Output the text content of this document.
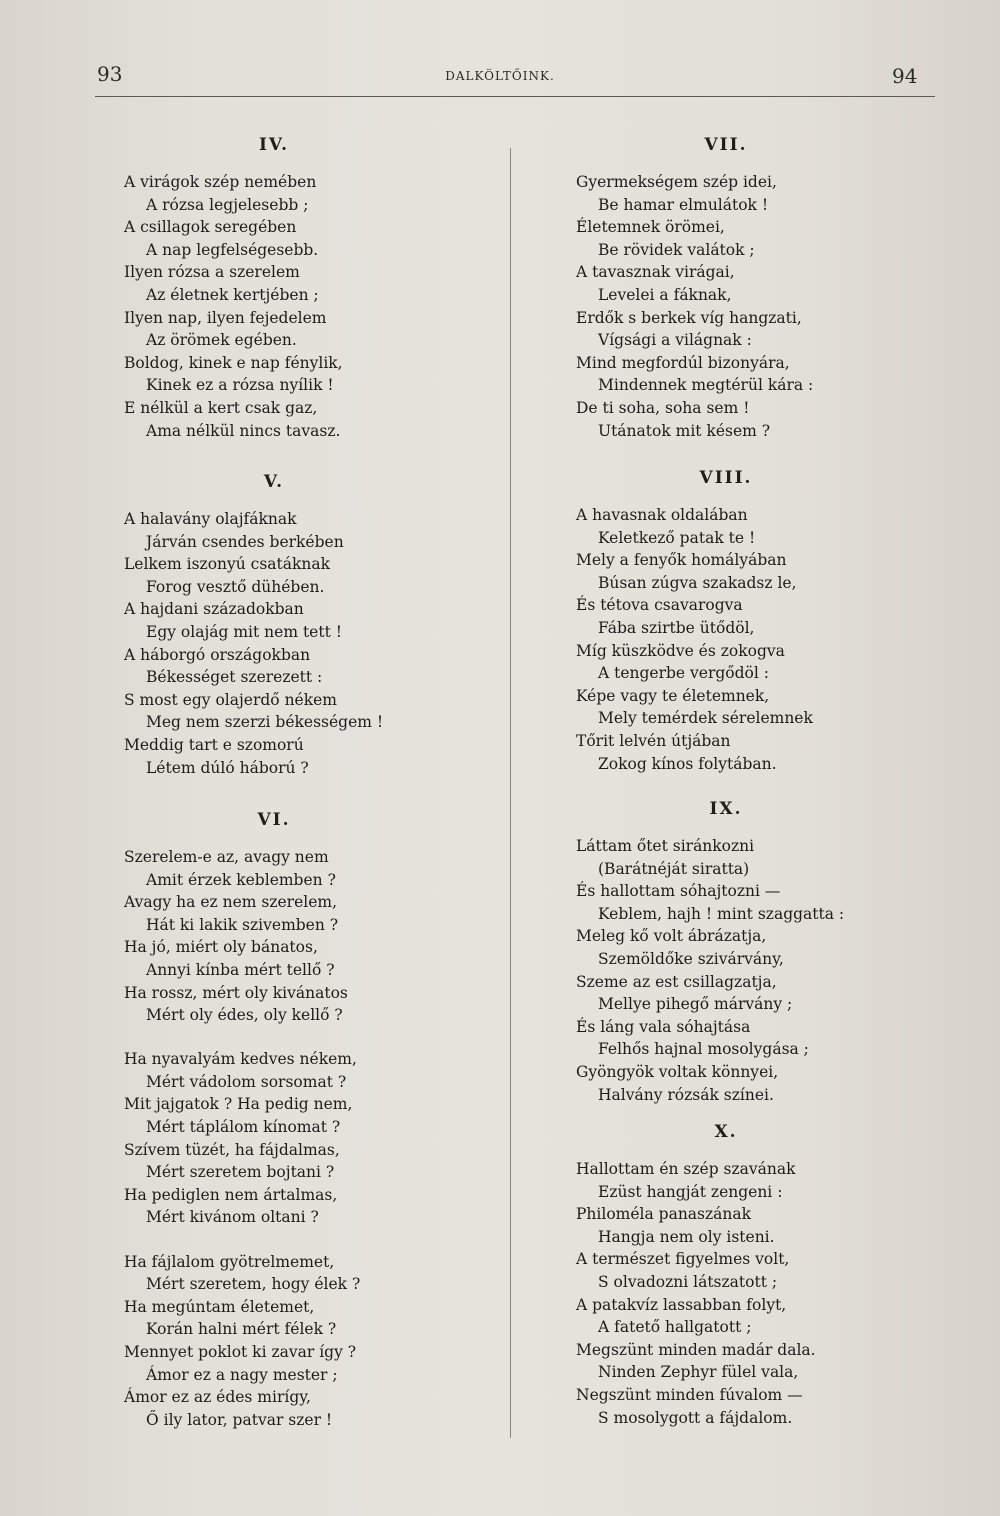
93	DALKÖLTŐINK.	94
IV.
A virágok szép nemében
A rózsa legjelesebb ;
A csillagok seregében
A nap legfelségesebb.
Ilyen rózsa a szerelem
Az életnek kertjében ;
Ilyen nap, ilyen fejedelem
Az örömek egében.
Boldog, kinek e nap fénylik,
Kinek ez a rózsa nyílik !
E nélkül a kert csak gaz,
Ama nélkül nincs tavasz.
V.
A halavány olajfáknak
Járván csendes berkében
Lelkem iszonyú csatáknak
Forog vesztő dühében.
A hajdani századokban
Egy olajág mit nem tett !
A háborgó országokban
Békességet szerezett :
S most egy olajerdő nékem
Meg nem szerzi békességem !
Meddig tart e szomorú
Létem dúló háború ?
VI.
Szerelem-e az, avagy nem
Amit érzek keblemben ?
Avagy ha ez nem szerelem,
Hát ki lakik szivemben ?
Ha jó, miért oly bánatos,
Annyi kínba mért tellő ?
Ha rossz, mért oly kivánatos
Mért oly édes, oly kellő ?
Ha nyavalyám kedves nékem,
Mért vádolom sorsomat ?
Mit jajgatok ? Ha pedig nem,
Mért táplálom kínomat ?
Szívem tüzét, ha fájdalmas,
Mért szeretem bojtani ?
Ha pediglen nem ártalmas,
Mért kivánom oltani ?
Ha fájlalom gyötrelmemet,
Mért szeretem, hogy élek ?
Ha megúntam életemet,
Korán halni mért félek ?
Mennyet poklot ki zavar így ?
Ámor ez a nagy mester ;
Ámor ez az édes mirígy,
Ő ily lator, patvar szer !
VII.
Gyermekségem szép idei,
Be hamar elmulátok !
Életemnek örömei,
Be rövidek valátok ;
A tavasznak virágai,
Levelei a fáknak,
Erdők s berkek víg hangzati,
Vígsági a világnak :
Mind megfordúl bizonyára,
Mindennek megtérül kára :
De ti soha, soha sem !
Utánatok mit késem ?
VIII.
A havasnak oldalában
Keletkező patak te !
Mely a fenyők homályában
Búsan zúgva szakadsz le,
És tétova csavarogva
Fába szirtbe ütődöl,
Míg küszködve és zokogva
A tengerbe vergődöl :
Képe vagy te életemnek,
Mely temérdek sérelemnek
Tőrit lelvén útjában
Zokog kínos folytában.
IX.
Láttam őtet siránkozni
(Barátnéját siratta)
És hallottam sóhajtozni —
Keblem, hajh ! mint szaggatta :
Meleg kő volt ábrázatja,
Szemöldőke szivárvány,
Szeme az est csillagzatja,
Mellye pihegő márvány ;
És láng vala sóhajtása
Felhős hajnal mosolygása ;
Gyöngyök voltak könnyei,
Halvány rózsák színei.
X.
Hallottam én szép szavának
Ezüst hangját zengeni :
Philoméla panaszának
Hangja nem oly isteni.
A természet figyelmes volt,
S olvadozni látszatott ;
A patakvíz lassabban folyt,
A fatető hallgatott ;
Megszünt minden madár dala.
Ninden Zephyr fülel vala,
Negszünt minden fúvalom —
S mosolygott a fájdalom.
